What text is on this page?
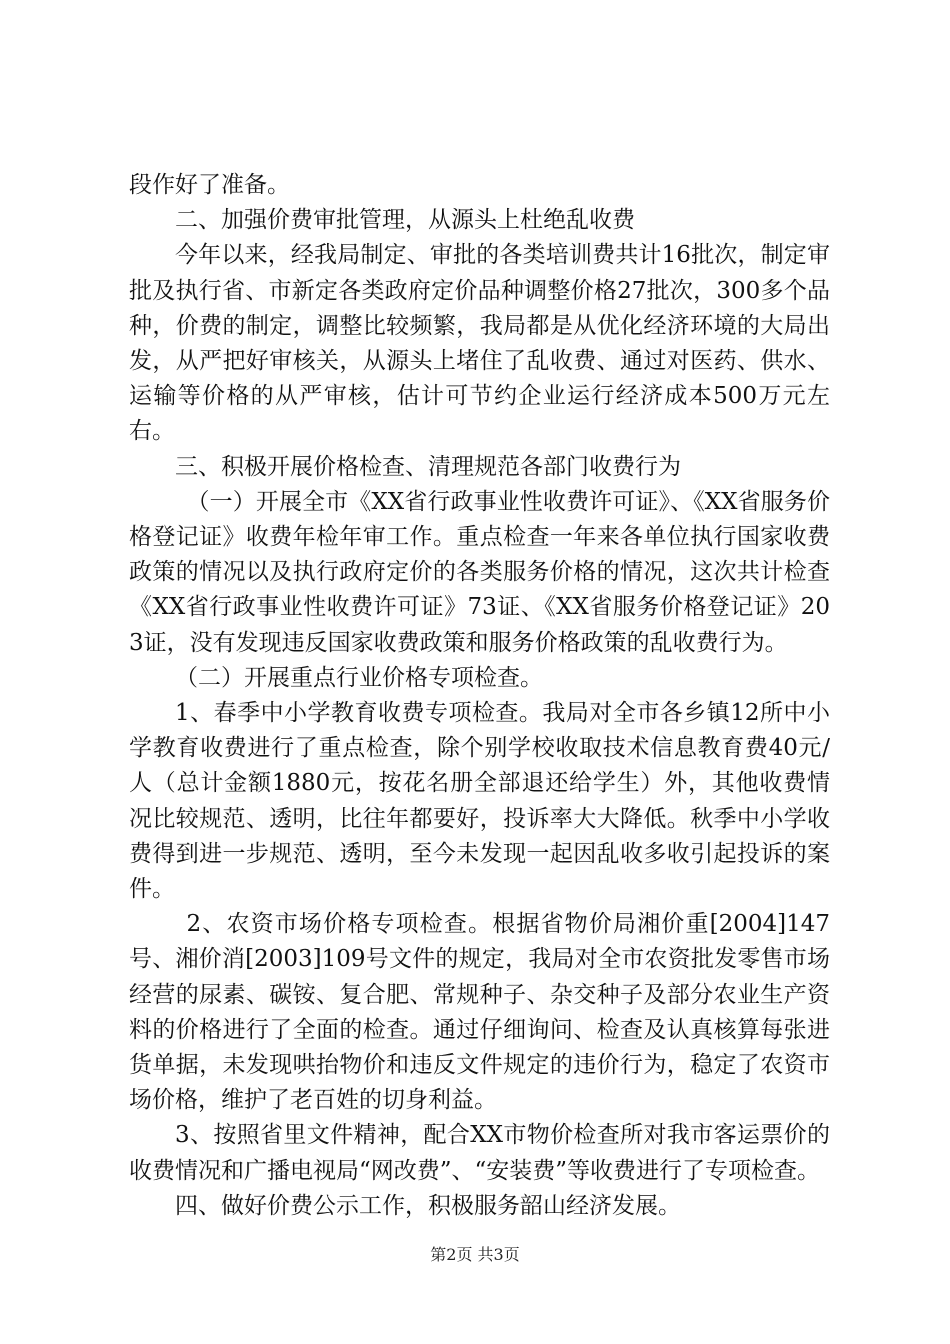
段作好了准备。

二、加强价费审批管理，从源头上杜绝乱收费

今年以来，经我局制定、审批的各类培训费共计16批次，制定审批及执行省、市新定各类政府定价品种调整价格27批次，300多个品种，价费的制定，调整比较频繁，我局都是从优化经济环境的大局出发，从严把好审核关，从源头上堵住了乱收费、通过对医药、供水、运输等价格的从严审核，估计可节约企业运行经济成本500万元左右。

三、积极开展价格检查、清理规范各部门收费行为

（一）开展全市《XX省行政事业性收费许可证》、《XX省服务价格登记证》收费年检年审工作。重点检查一年来各单位执行国家收费政策的情况以及执行政府定价的各类服务价格的情况，这次共计检查《XX省行政事业性收费许可证》73证、《XX省服务价格登记证》203证，没有发现违反国家收费政策和服务价格政策的乱收费行为。

（二）开展重点行业价格专项检查。

1、春季中小学教育收费专项检查。我局对全市各乡镇12所中小学教育收费进行了重点检查，除个别学校收取技术信息教育费40元/人（总计金额1880元，按花名册全部退还给学生）外，其他收费情况比较规范、透明，比往年都要好，投诉率大大降低。秋季中小学收费得到进一步规范、透明，至今未发现一起因乱收多收引起投诉的案件。

2、农资市场价格专项检查。根据省物价局湘价重[2004]147号、湘价消[2003]109号文件的规定，我局对全市农资批发零售市场经营的尿素、碳铵、复合肥、常规种子、杂交种子及部分农业生产资料的价格进行了全面的检查。通过仔细询问、检查及认真核算每张进货单据，未发现哄抬物价和违反文件规定的违价行为，稳定了农资市场价格，维护了老百姓的切身利益。

3、按照省里文件精神，配合XX市物价检查所对我市客运票价的收费情况和广播电视局“网改费”、“安装费”等收费进行了专项检查。

四、做好价费公示工作，积极服务韶山经济发展。

第2页 共3页
